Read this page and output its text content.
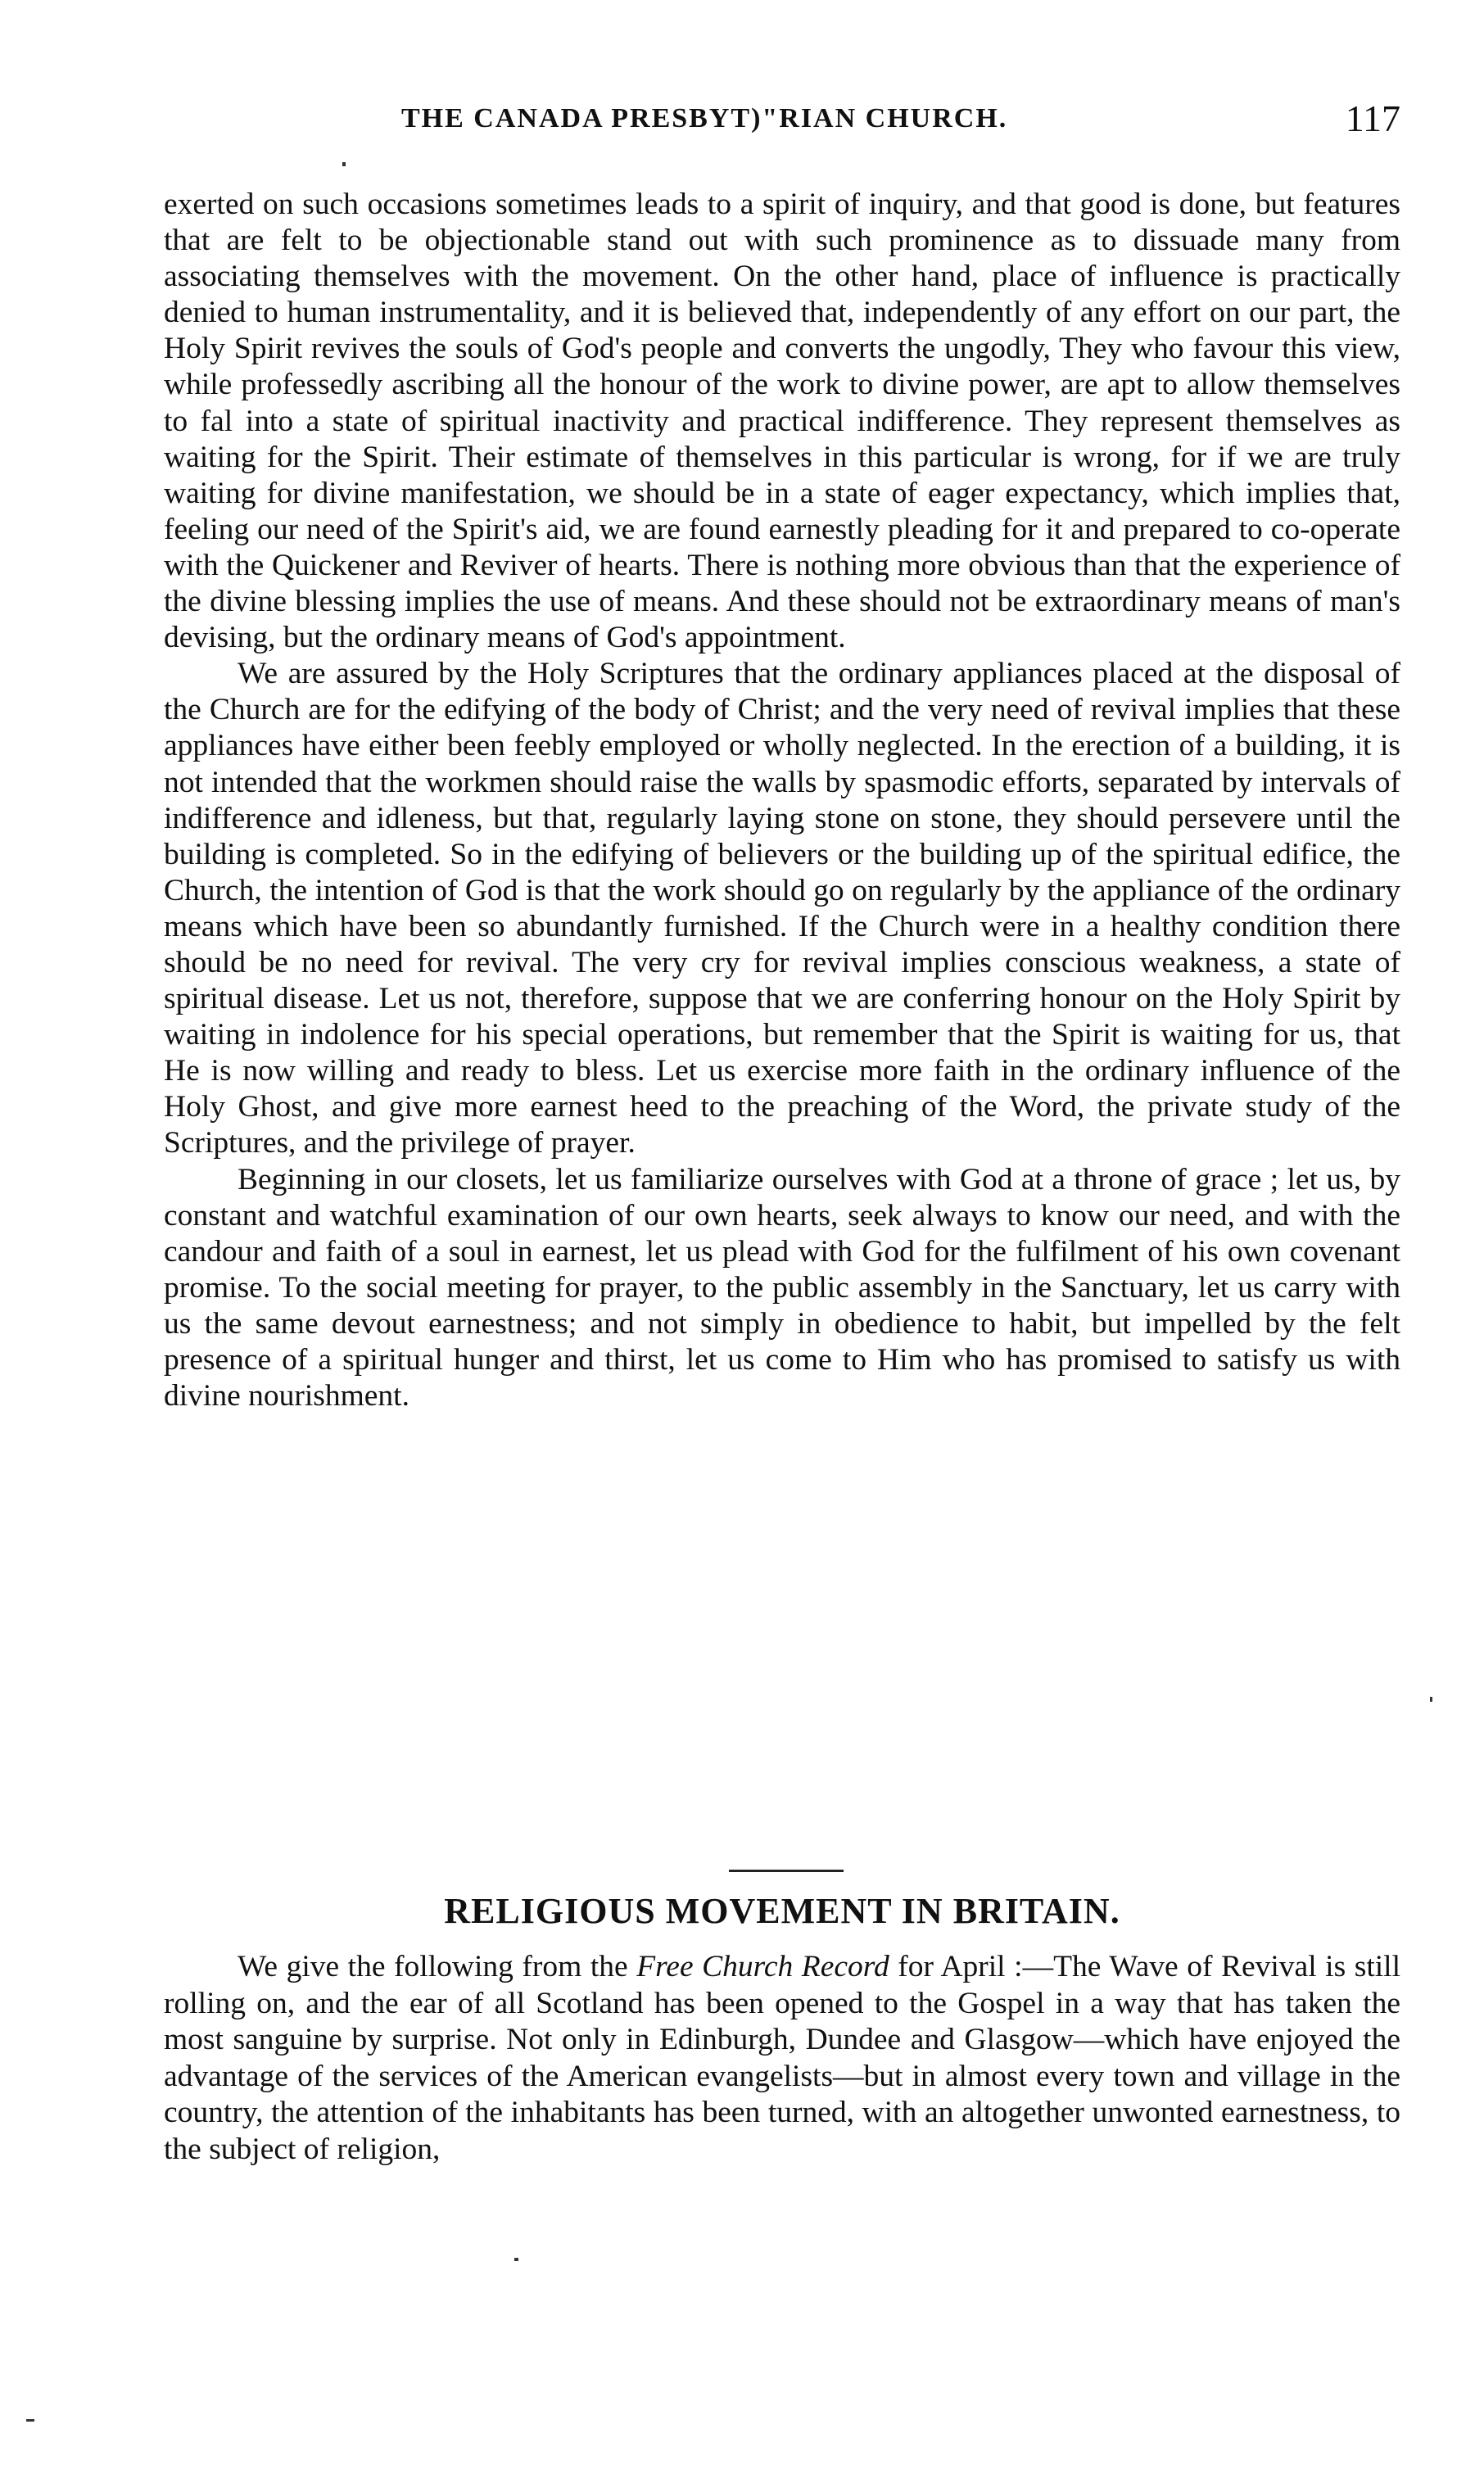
THE CANADA PRESBYT)"RIAN CHURCH.	117

exerted on such occasions sometimes leads to a spirit of inquiry, and that good is done, but features that are felt to be objectionable stand out with such prominence as to dissuade many from associating themselves with the movement. On the other hand, place of influence is practically denied to human instrumentality, and it is believed that, independently of any effort on our part, the Holy Spirit revives the souls of God's people and converts the ungodly, They who favour this view, while professedly ascribing all the honour of the work to divine power, are apt to allow themselves to fal into a state of spiritual inactivity and practical indifference. They represent themselves as waiting for the Spirit. Their estimate of themselves in this particular is wrong, for if we are truly waiting for divine manifestation, we should be in a state of eager expectancy, which implies that, feeling our need of the Spirit's aid, we are found earnestly pleading for it and prepared to co-operate with the Quickener and Reviver of hearts. There is nothing more obvious than that the experience of the divine blessing implies the use of means. And these should not be extraordinary means of man's devising, but the ordinary means of God's appointment.

We are assured by the Holy Scriptures that the ordinary appliances placed at the disposal of the Church are for the edifying of the body of Christ; and the very need of revival implies that these appliances have either been feebly employed or wholly neglected. In the erection of a building, it is not intended that the workmen should raise the walls by spasmodic efforts, separated by intervals of indifference and idleness, but that, regularly laying stone on stone, they should persevere until the building is completed. So in the edifying of believers or the building up of the spiritual edifice, the Church, the intention of God is that the work should go on regularly by the appliance of the ordinary means which have been so abundantly furnished. If the Church were in a healthy condition there should be no need for revival. The very cry for revival implies conscious weakness, a state of spiritual disease. Let us not, therefore, suppose that we are conferring honour on the Holy Spirit by waiting in indolence for his special operations, but remember that the Spirit is waiting for us, that He is now willing and ready to bless. Let us exercise more faith in the ordinary influence of the Holy Ghost, and give more earnest heed to the preaching of the Word, the private study of the Scriptures, and the privilege of prayer.

Beginning in our closets, let us familiarize ourselves with God at a throne of grace ; let us, by constant and watchful examination of our own hearts, seek always to know our need, and with the candour and faith of a soul in earnest, let us plead with God for the fulfilment of his own covenant promise. To the social meeting for prayer, to the public assembly in the Sanctuary, let us carry with us the same devout earnestness; and not simply in obedience to habit, but impelled by the felt presence of a spiritual hunger and thirst, let us come to Him who has promised to satisfy us with divine nourishment.

RELIGIOUS MOVEMENT IN BRITAIN.

We give the following from the Free Church Record for April :—The Wave of Revival is still rolling on, and the ear of all Scotland has been opened to the Gospel in a way that has taken the most sanguine by surprise. Not only in Edinburgh, Dundee and Glasgow—which have enjoyed the advantage of the services of the American evangelists—but in almost every town and village in the country, the attention of the inhabitants has been turned, with an altogether unwonted earnestness, to the subject of religion,
